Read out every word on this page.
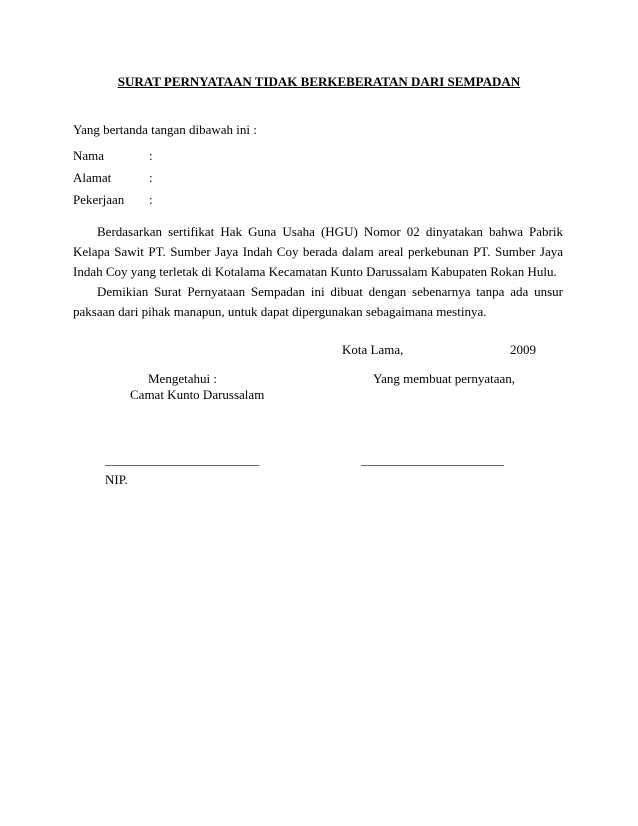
SURAT PERNYATAAN TIDAK BERKEBERATAN DARI SEMPADAN
Yang bertanda tangan dibawah ini :
Nama	:
Alamat	:
Pekerjaan :
Berdasarkan sertifikat Hak Guna Usaha (HGU) Nomor 02 dinyatakan bahwa Pabrik Kelapa Sawit PT. Sumber Jaya Indah Coy berada dalam areal perkebunan PT. Sumber Jaya Indah Coy yang terletak di Kotalama Kecamatan Kunto Darussalam Kabupaten Rokan Hulu.
Demikian Surat Pernyataan Sempadan ini dibuat dengan sebenarnya tanpa ada unsur paksaan dari pihak manapun, untuk dapat dipergunakan sebagaimana mestinya.
Kota Lama,	2009
Mengetahui :
Camat Kunto Darussalam
Yang membuat pernyataan,
___________________________	_________________________
NIP.
